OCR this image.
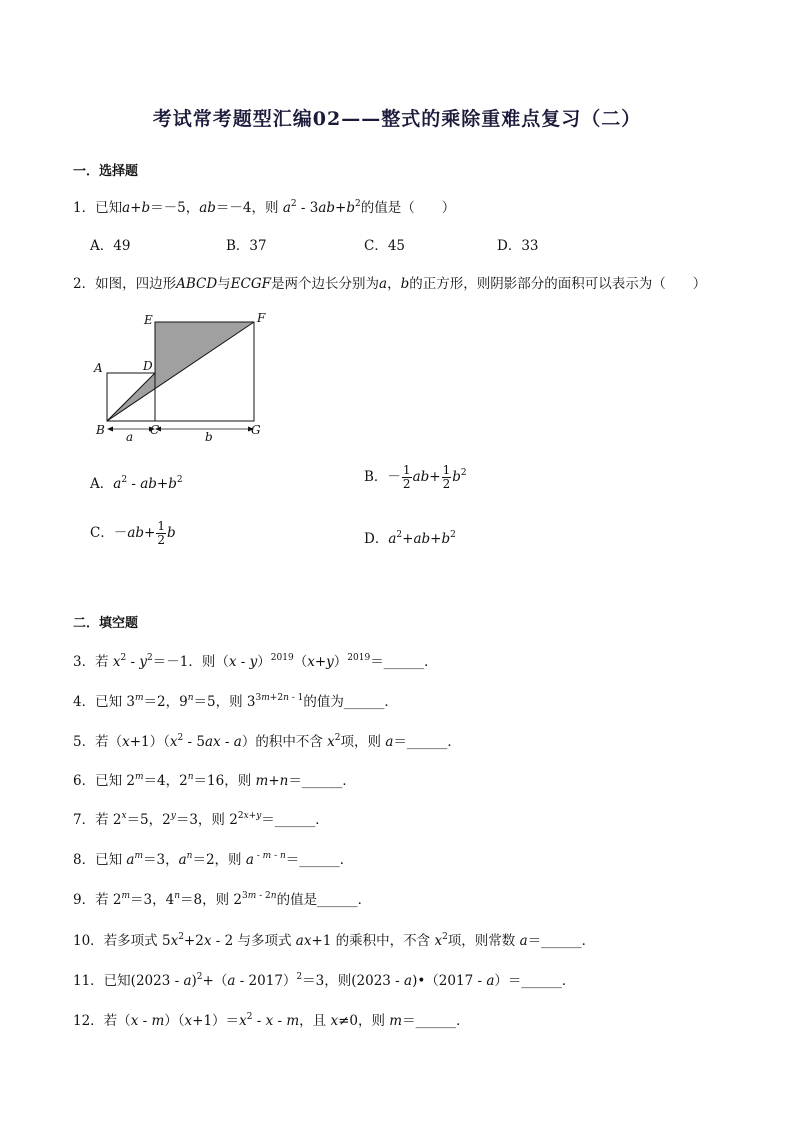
考试常考题型汇编02——整式的乘除重难点复习（二）
一．选择题
1．已知a+b＝－5，ab＝－4，则 $a^2 - 3ab+b^2$的值是（　　）
A．49	B．37	C．45	D．33
2．如图，四边形ABCD与ECGF是两个边长分别为a，b的正方形，则阴影部分的面积可以表示为（　　）
E	F
A	D
B	C	G
a	b
A．$a^2 - ab+b^2$	B．－ $\frac{1}{2} ab+ \frac{1}{2} b^2$
C．$-ab+ \frac{1}{2}$ b	D．$a^2+ab+b^2$
二．填空题
3．若 $x^2 - y^2=-1$．则$(x - y)^{2019}(x+y)^{2019}=\_\_\_\_\_\_$．
4．已知 $3^m=2$，$9^n=5$，则 $3^{3m+2n - 1}$的值为______．
5．若$(x+1)(x^2 - 5ax - a)$的积中不含 $x^2$项，则 a＝______．
6．已知 $2^m=4$，$2^n=16$，则 m+n＝______．
7．若 $2^x=5$，$2^y=3$，则 $2^{2x+y}=\_\_\_\_\_\_$．
8．已知 $a^m=3$，$a^n=2$，则 a $^{- m - n}$＝______．
9．若 $2^m=3$，$4^n=8$，则 $2^{3m - 2n}$的值是______．
10．若多项式 $5x^2+2x - 2$ 与多项式 ax+1 的乘积中，不含 $x^2$项，则常数 a＝______．
11．已知(2023 - a)$^2$+（a - 2017）$^2$＝3，则(2023 - a)•（2017 - a）＝______．
12．若$(x - m)(x+1)=x^2 - x - m$，且 x≠0，则 m＝______．
